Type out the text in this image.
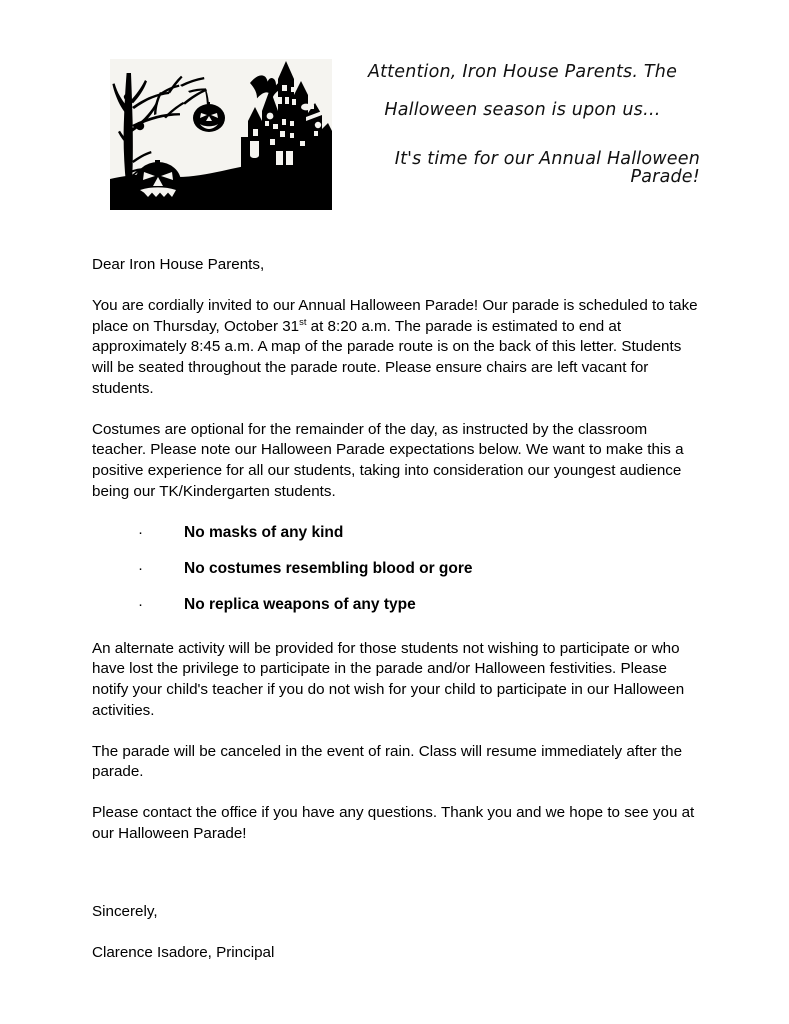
Attention, Iron House Parents. The
Halloween season is upon us…
It's time for our Annual Halloween Parade!

Dear Iron House Parents,

You are cordially invited to our Annual Halloween Parade! Our parade is scheduled to take place on Thursday, October 31st at 8:20 a.m. The parade is estimated to end at approximately 8:45 a.m. A map of the parade route is on the back of this letter. Students will be seated throughout the parade route. Please ensure chairs are left vacant for students.

Costumes are optional for the remainder of the day, as instructed by the classroom teacher. Please note our Halloween Parade expectations below. We want to make this a positive experience for all our students, taking into consideration our youngest audience being our TK/Kindergarten students.

·	No masks of any kind
·	No costumes resembling blood or gore
·	No replica weapons of any type

An alternate activity will be provided for those students not wishing to participate or who have lost the privilege to participate in the parade and/or Halloween festivities. Please notify your child's teacher if you do not wish for your child to participate in our Halloween activities.

The parade will be canceled in the event of rain. Class will resume immediately after the parade.

Please contact the office if you have any questions. Thank you and we hope to see you at our Halloween Parade!

Sincerely,

Clarence Isadore, Principal
